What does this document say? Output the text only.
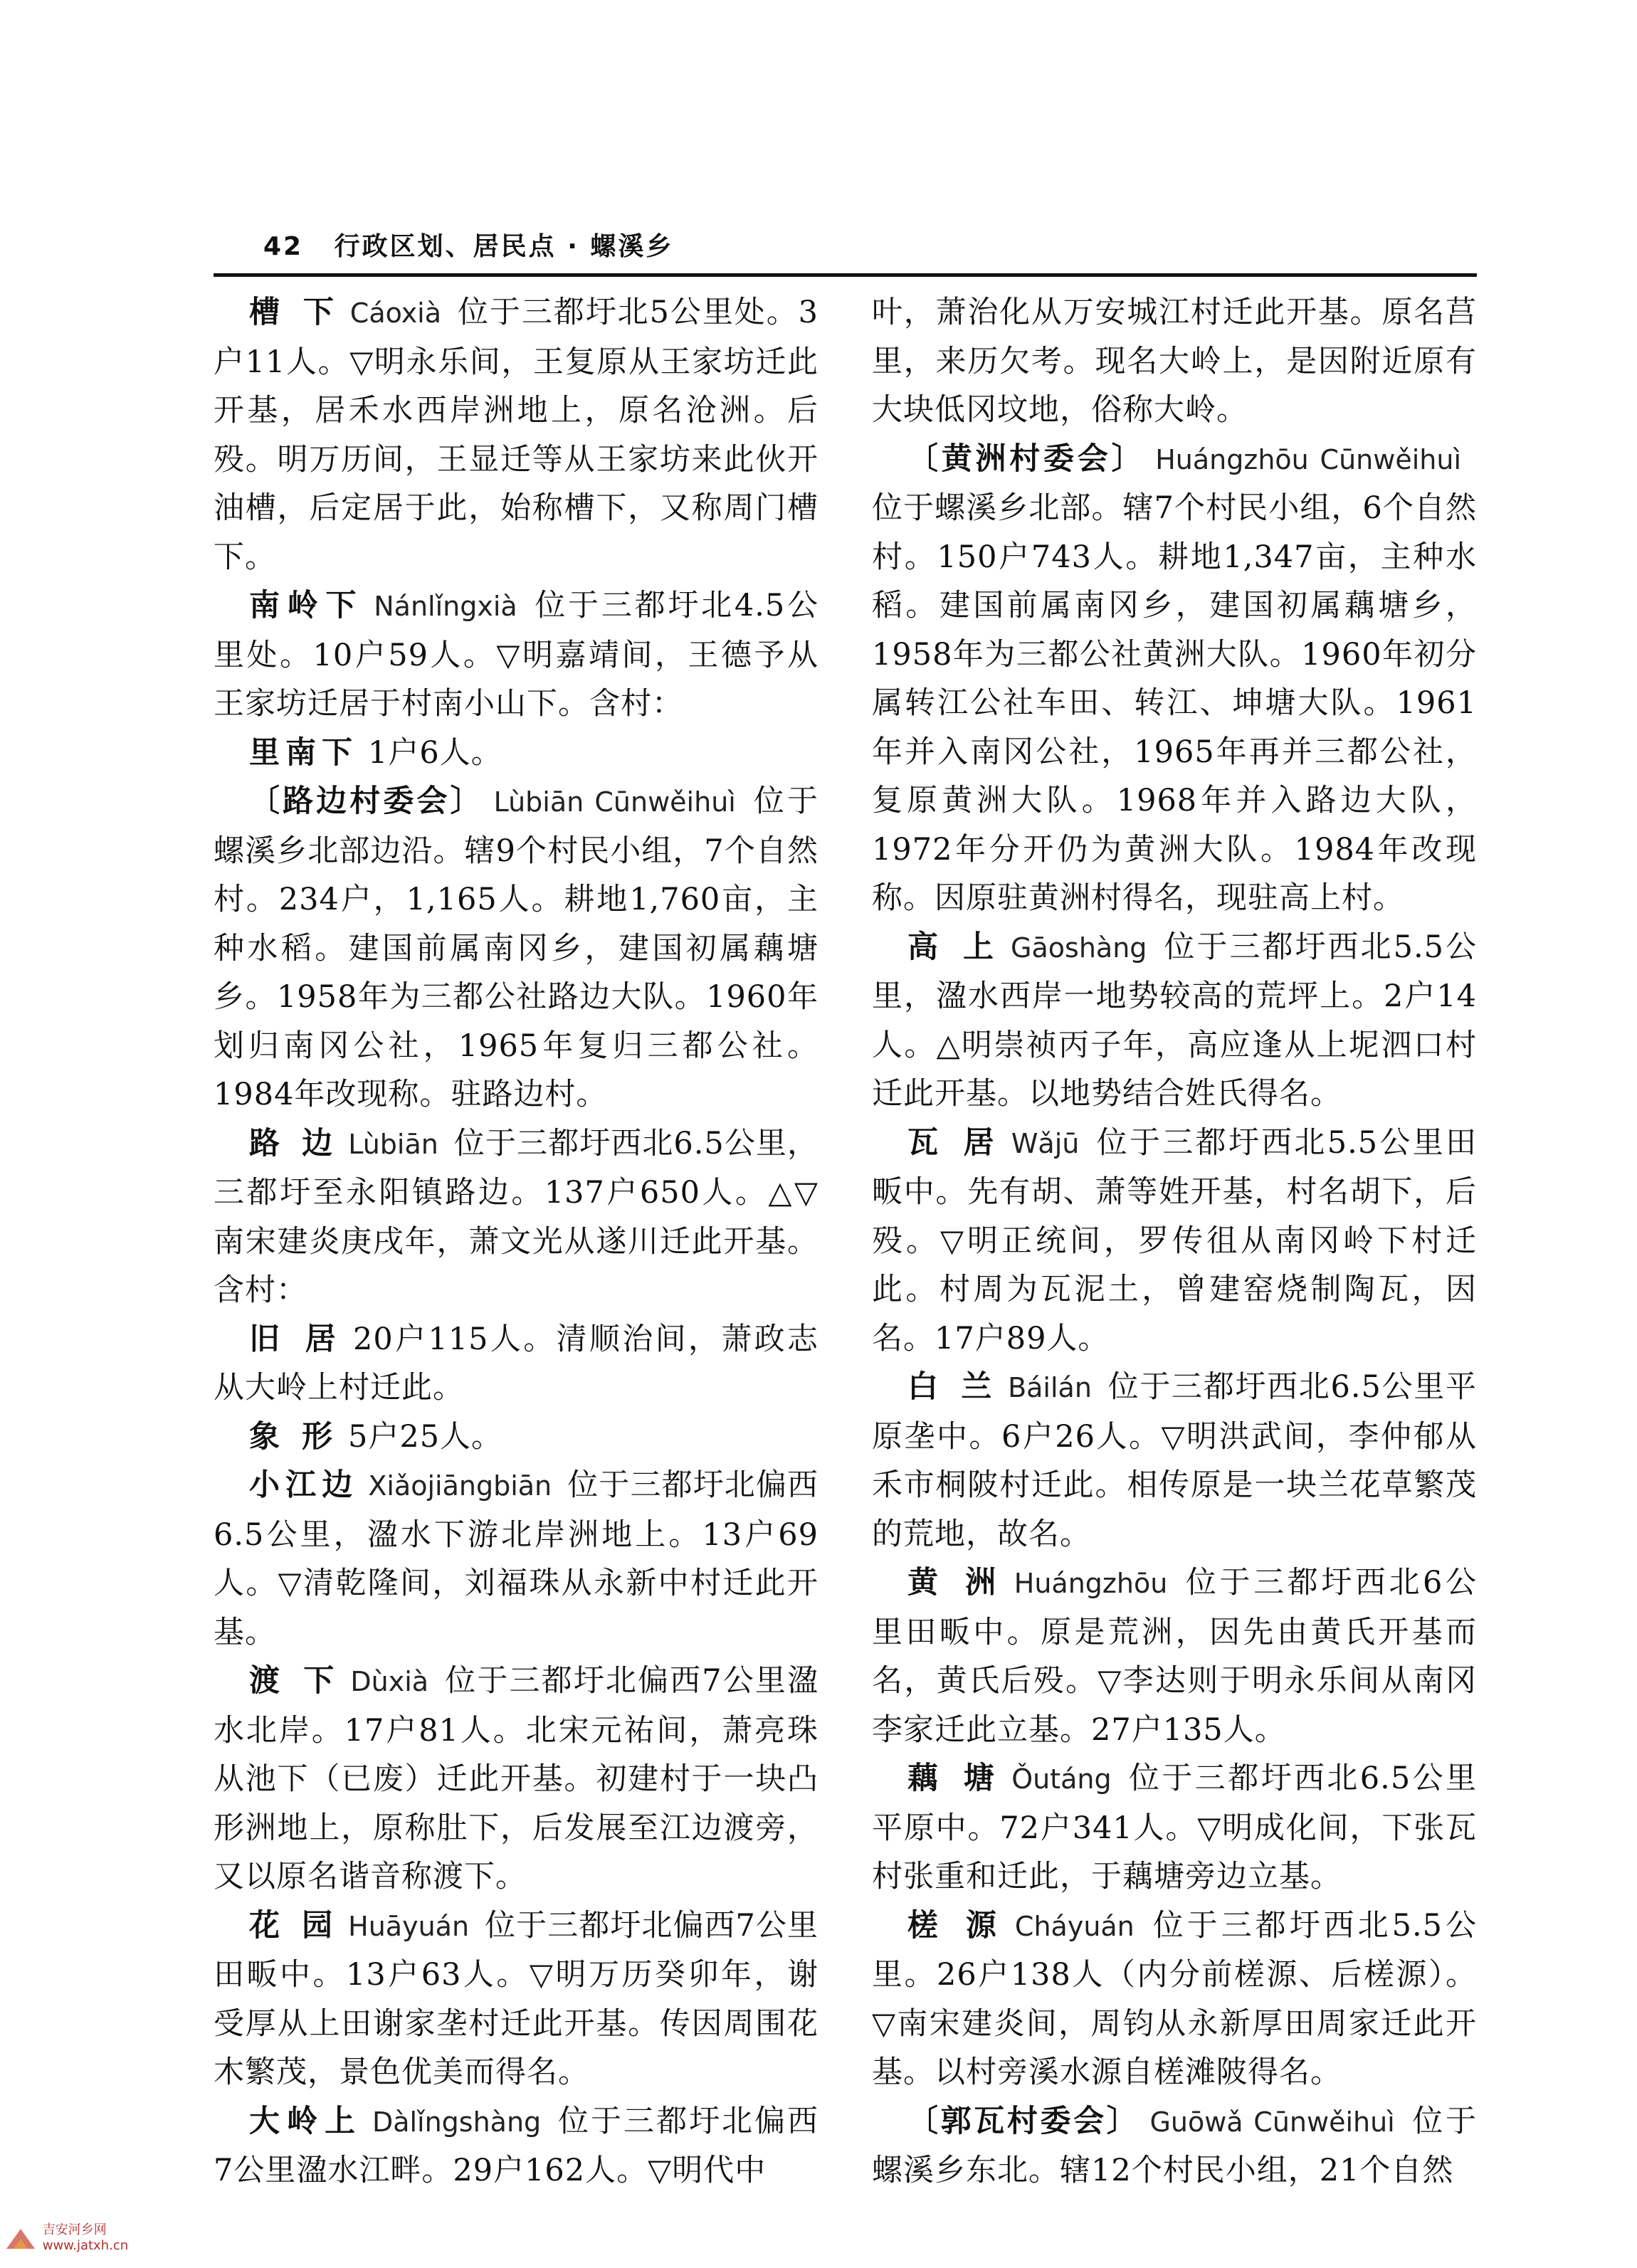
42 行政区划、居民点 · 螺溪乡

槽 下 Cáoxià 位于三都圩北5公里处。3户11人。▽明永乐间，王复原从王家坊迁此开基，居禾水西岸洲地上，原名沧洲。后殁。明万历间，王显迁等从王家坊来此伙开油槽，后定居于此，始称槽下，又称周门槽下。

南岭下 Nánlǐngxià 位于三都圩北4.5公里处。10户59人。▽明嘉靖间，王德予从王家坊迁居于村南小山下。含村：

里南下 1户6人。

〔路边村委会〕 Lùbiān Cūnwěihuì 位于螺溪乡北部边沿。辖9个村民小组，7个自然村。234户，1,165人。耕地1,760亩，主种水稻。建国前属南冈乡，建国初属藕塘乡。1958年为三都公社路边大队。1960年划归南冈公社，1965年复归三都公社。1984年改现称。驻路边村。

路 边 Lùbiān 位于三都圩西北6.5公里，三都圩至永阳镇路边。137户650人。△▽南宋建炎庚戌年，萧文光从遂川迁此开基。含村：

旧 居 20户115人。清顺治间，萧政志从大岭上村迁此。

象 形 5户25人。

小江边 Xiǎojiāngbiān 位于三都圩北偏西6.5公里，溋水下游北岸洲地上。13户69人。▽清乾隆间，刘福珠从永新中村迁此开基。

渡 下 Dùxià 位于三都圩北偏西7公里溋水北岸。17户81人。北宋元祐间，萧亮珠从池下（已废）迁此开基。初建村于一块凸形洲地上，原称肚下，后发展至江边渡旁，又以原名谐音称渡下。

花 园 Huāyuán 位于三都圩北偏西7公里田畈中。13户63人。▽明万历癸卯年，谢受厚从上田谢家垄村迁此开基。传因周围花木繁茂，景色优美而得名。

大岭上 Dàlǐngshàng 位于三都圩北偏西7公里溋水江畔。29户162人。▽明代中

叶，萧治化从万安城江村迁此开基。原名莒里，来历欠考。现名大岭上，是因附近原有大块低冈坟地，俗称大岭。

〔黄洲村委会〕 Huángzhōu Cūnwěihuì位于螺溪乡北部。辖7个村民小组，6个自然村。150户743人。耕地1,347亩，主种水稻。建国前属南冈乡，建国初属藕塘乡，1958年为三都公社黄洲大队。1960年初分属转江公社车田、转江、坤塘大队。1961年并入南冈公社，1965年再并三都公社，复原黄洲大队。1968年并入路边大队，1972年分开仍为黄洲大队。1984年改现称。因原驻黄洲村得名，现驻高上村。

高 上 Gāoshàng 位于三都圩西北5.5公里，溋水西岸一地势较高的荒坪上。2户14人。△明崇祯丙子年，高应逢从上坭泗口村迁此开基。以地势结合姓氏得名。

瓦 居 Wǎjū 位于三都圩西北5.5公里田畈中。先有胡、萧等姓开基，村名胡下，后殁。▽明正统间，罗传徂从南冈岭下村迁此。村周为瓦泥土，曾建窑烧制陶瓦，因名。17户89人。

白 兰 Báilán 位于三都圩西北6.5公里平原垄中。6户26人。▽明洪武间，李仲郁从禾市桐陂村迁此。相传原是一块兰花草繁茂的荒地，故名。

黄 洲 Huángzhōu 位于三都圩西北6公里田畈中。原是荒洲，因先由黄氏开基而名，黄氏后殁。▽李达则于明永乐间从南冈李家迁此立基。27户135人。

藕 塘 Ǒutáng 位于三都圩西北6.5公里平原中。72户341人。▽明成化间，下张瓦村张重和迁此，于藕塘旁边立基。

槎 源 Cháyuán 位于三都圩西北5.5公里。26户138人（内分前槎源、后槎源）。▽南宋建炎间，周钧从永新厚田周家迁此开基。以村旁溪水源自槎滩陂得名。

〔郭瓦村委会〕 Guōwǎ Cūnwěihuì 位于螺溪乡东北。辖12个村民小组，21个自然

吉安河乡网
www.jatxh.cn
